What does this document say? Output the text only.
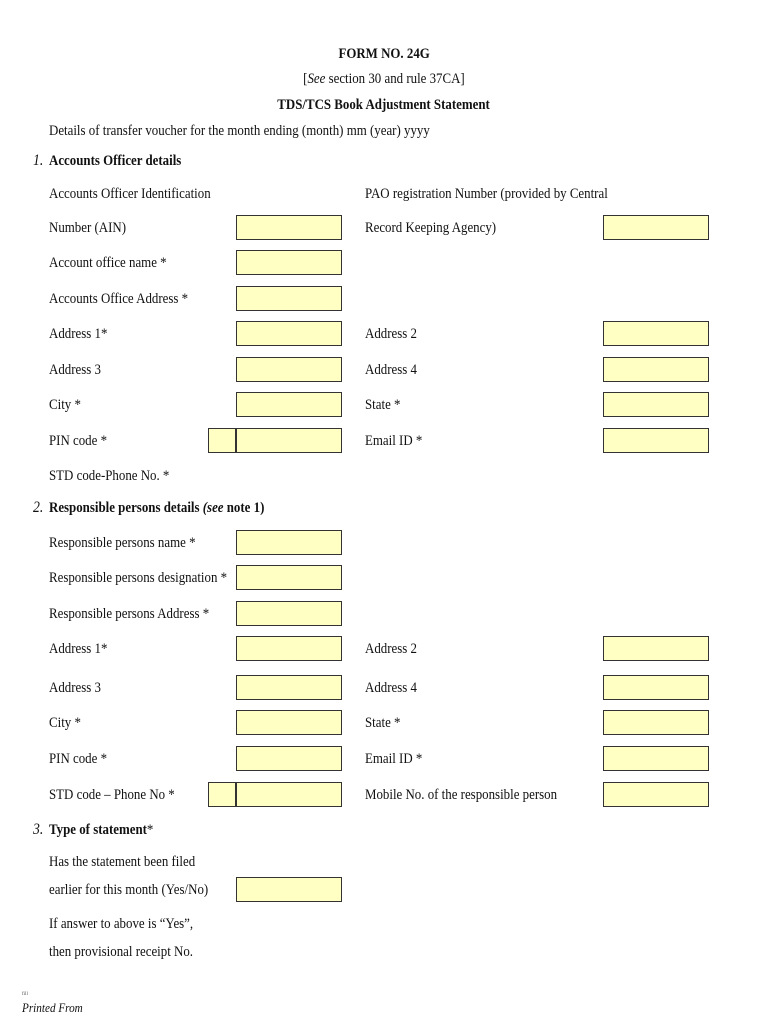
FORM NO. 24G
[See section 30 and rule 37CA]
TDS/TCS Book Adjustment Statement
Details of transfer voucher for the month ending (month) mm (year) yyyy
1. Accounts Officer details
Accounts Officer Identification
Number (AIN)
PAO registration Number (provided by Central
Record Keeping Agency)
Account office name *
Accounts Office Address *
Address 1*	Address 2
Address 3	Address 4
City *	State *
PIN code *	Email ID *
STD code-Phone No. *
2. Responsible persons details (see note 1)
Responsible persons name *
Responsible persons designation *
Responsible persons Address *
Address 1*	Address 2
Address 3	Address 4
City *	State *
PIN code *	Email ID *
STD code – Phone No *	Mobile No. of the responsible person
3. Type of statement*
Has the statement been filed
earlier for this month (Yes/No)
If answer to above is “Yes”,
then provisional receipt No.
fill
Printed From
